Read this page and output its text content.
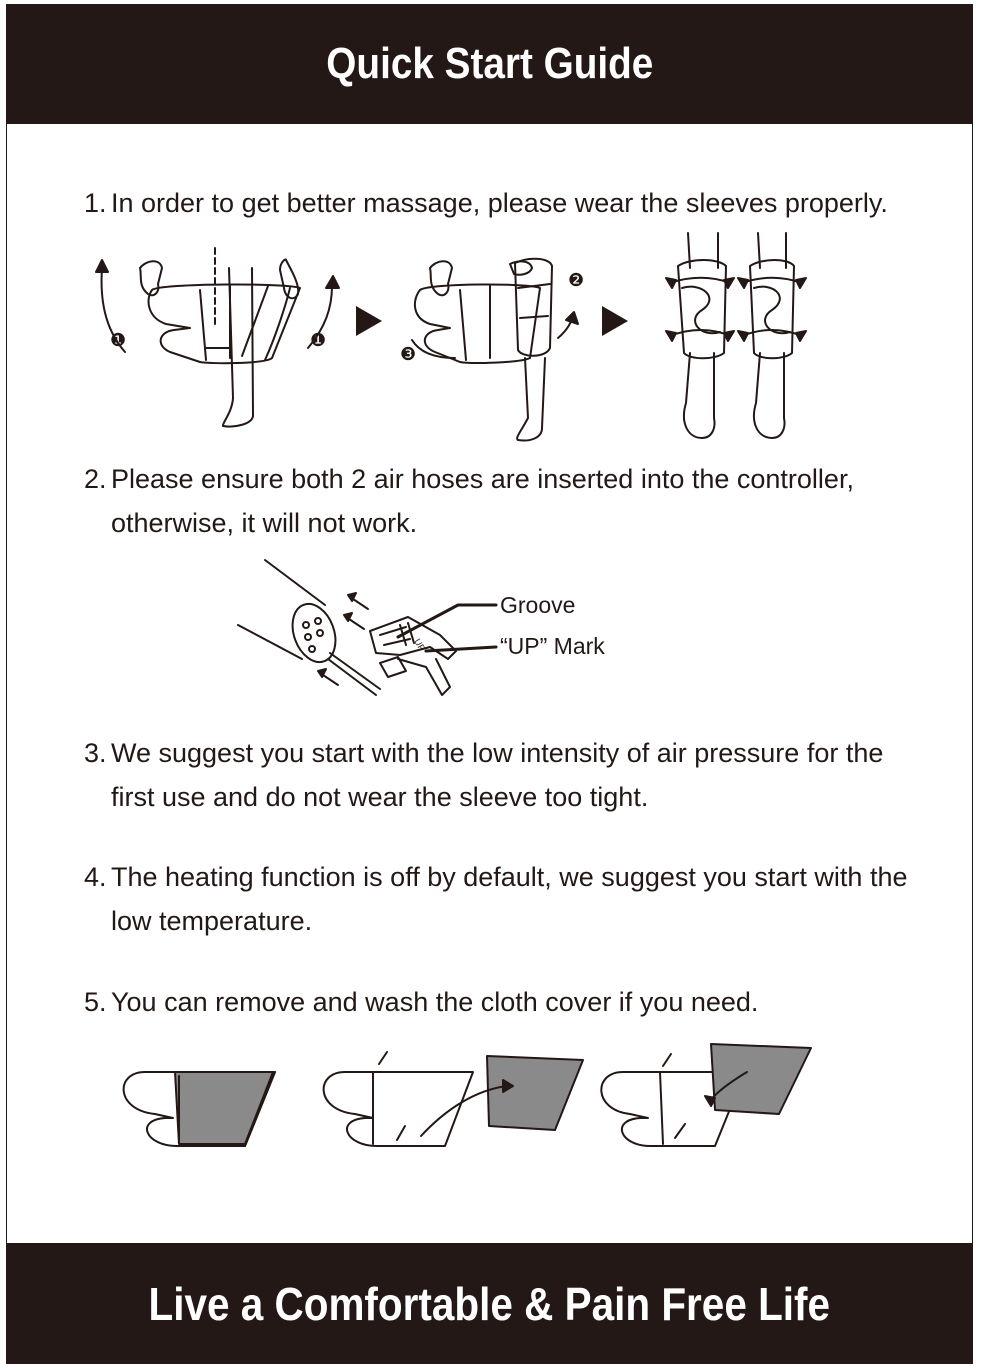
Quick Start Guide
1. In order to get better massage, please wear the sleeves properly.
❶	❶
❸
❷
2. Please ensure both 2 air hoses are inserted into the controller, otherwise, it will not work.
UP
Groove
“UP” Mark
3. We suggest you start with the low intensity of air pressure for the first use and do not wear the sleeve too tight.
4. The heating function is off by default, we suggest you start with the low temperature.
5. You can remove and wash the cloth cover if you need.
Live a Comfortable & Pain Free Life
